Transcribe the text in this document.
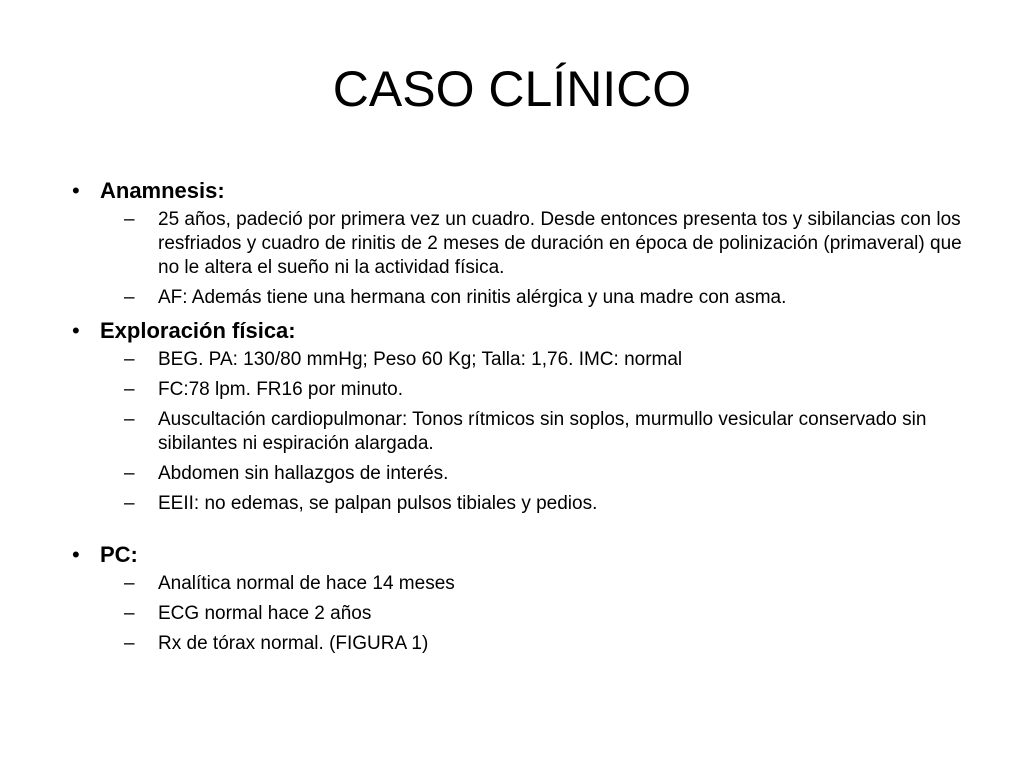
CASO CLÍNICO
• Anamnesis:
–	25 años, padeció por primera vez un cuadro. Desde entonces presenta tos y sibilancias con los resfriados y cuadro de rinitis de 2 meses de duración en época de polinización (primaveral) que no le altera el sueño ni la actividad física.
–	AF: Además tiene una hermana con rinitis alérgica y una madre con asma.
• Exploración física:
–	BEG. PA: 130/80 mmHg; Peso 60 Kg; Talla: 1,76. IMC: normal
–	FC:78 lpm. FR16 por minuto.
–	Auscultación cardiopulmonar: Tonos rítmicos sin soplos, murmullo vesicular conservado sin sibilantes ni espiración alargada.
–	Abdomen sin hallazgos de interés.
–	EEII: no edemas, se palpan pulsos tibiales y pedios.
• PC:
–	Analítica normal de hace 14 meses
–	ECG normal hace 2 años
–	Rx de tórax normal. (FIGURA 1)
